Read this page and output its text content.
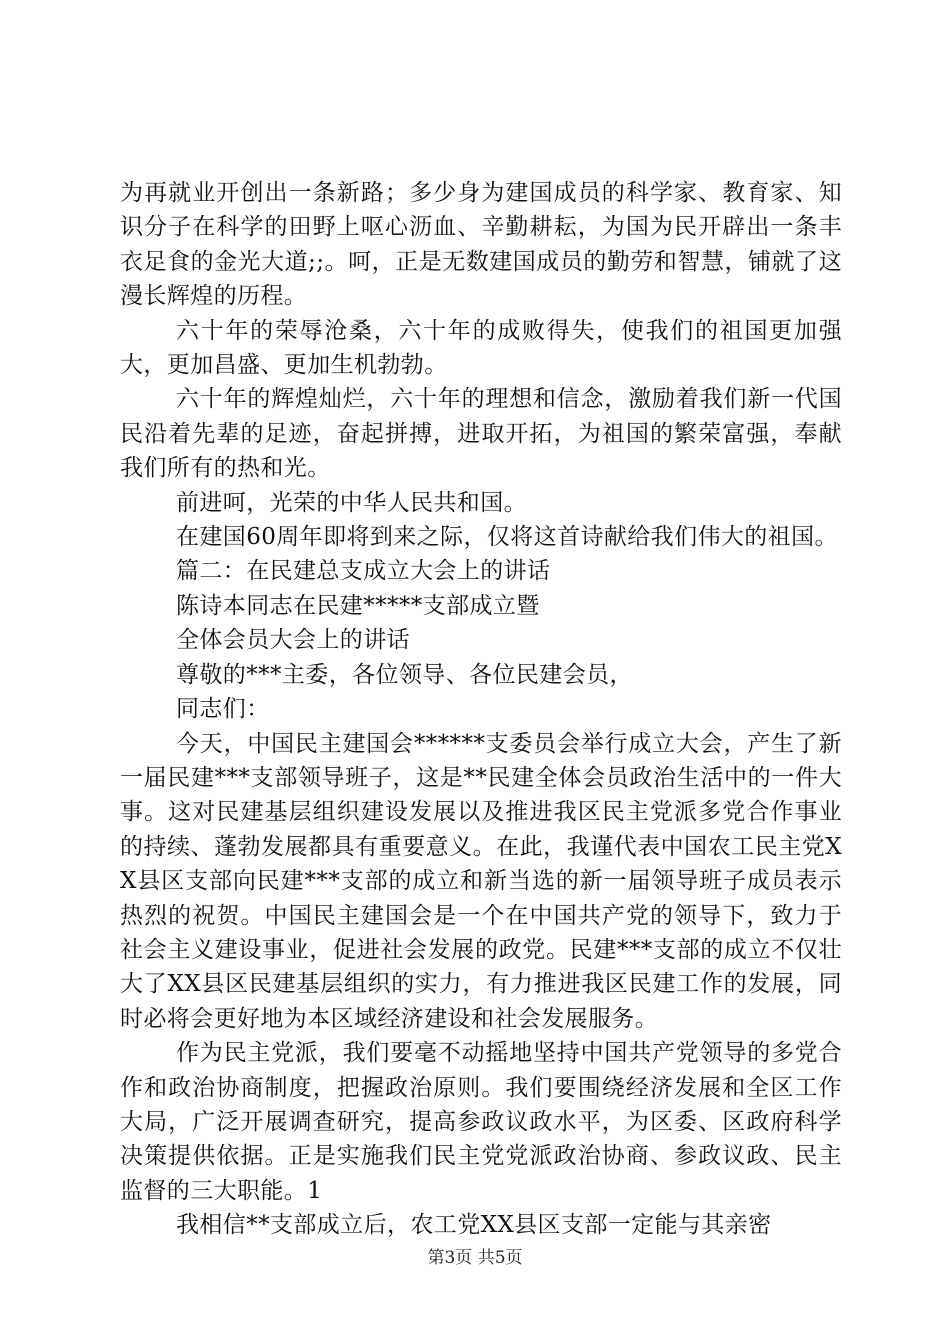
为再就业开创出一条新路；多少身为建国成员的科学家、教育家、知识分子在科学的田野上呕心沥血、辛勤耕耘，为国为民开辟出一条丰衣足食的金光大道;;。呵，正是无数建国成员的勤劳和智慧，铺就了这漫长辉煌的历程。

六十年的荣辱沧桑，六十年的成败得失，使我们的祖国更加强大，更加昌盛、更加生机勃勃。

六十年的辉煌灿烂，六十年的理想和信念，激励着我们新一代国民沿着先辈的足迹，奋起拼搏，进取开拓，为祖国的繁荣富强，奉献我们所有的热和光。

前进呵，光荣的中华人民共和国。

在建国60周年即将到来之际，仅将这首诗献给我们伟大的祖国。

篇二：在民建总支成立大会上的讲话

陈诗本同志在民建*****支部成立暨

全体会员大会上的讲话

尊敬的***主委，各位领导、各位民建会员，

同志们：

今天，中国民主建国会******支委员会举行成立大会，产生了新一届民建***支部领导班子，这是**民建全体会员政治生活中的一件大事。这对民建基层组织建设发展以及推进我区民主党派多党合作事业的持续、蓬勃发展都具有重要意义。在此，我谨代表中国农工民主党XX县区支部向民建***支部的成立和新当选的新一届领导班子成员表示热烈的祝贺。中国民主建国会是一个在中国共产党的领导下，致力于社会主义建设事业，促进社会发展的政党。民建***支部的成立不仅壮大了XX县区民建基层组织的实力，有力推进我区民建工作的发展，同时必将会更好地为本区域经济建设和社会发展服务。

作为民主党派，我们要毫不动摇地坚持中国共产党领导的多党合作和政治协商制度，把握政治原则。我们要围绕经济发展和全区工作大局，广泛开展调查研究，提高参政议政水平，为区委、区政府科学决策提供依据。正是实施我们民主党党派政治协商、参政议政、民主监督的三大职能。1

我相信**支部成立后，农工党XX县区支部一定能与其亲密

第3页 共5页
